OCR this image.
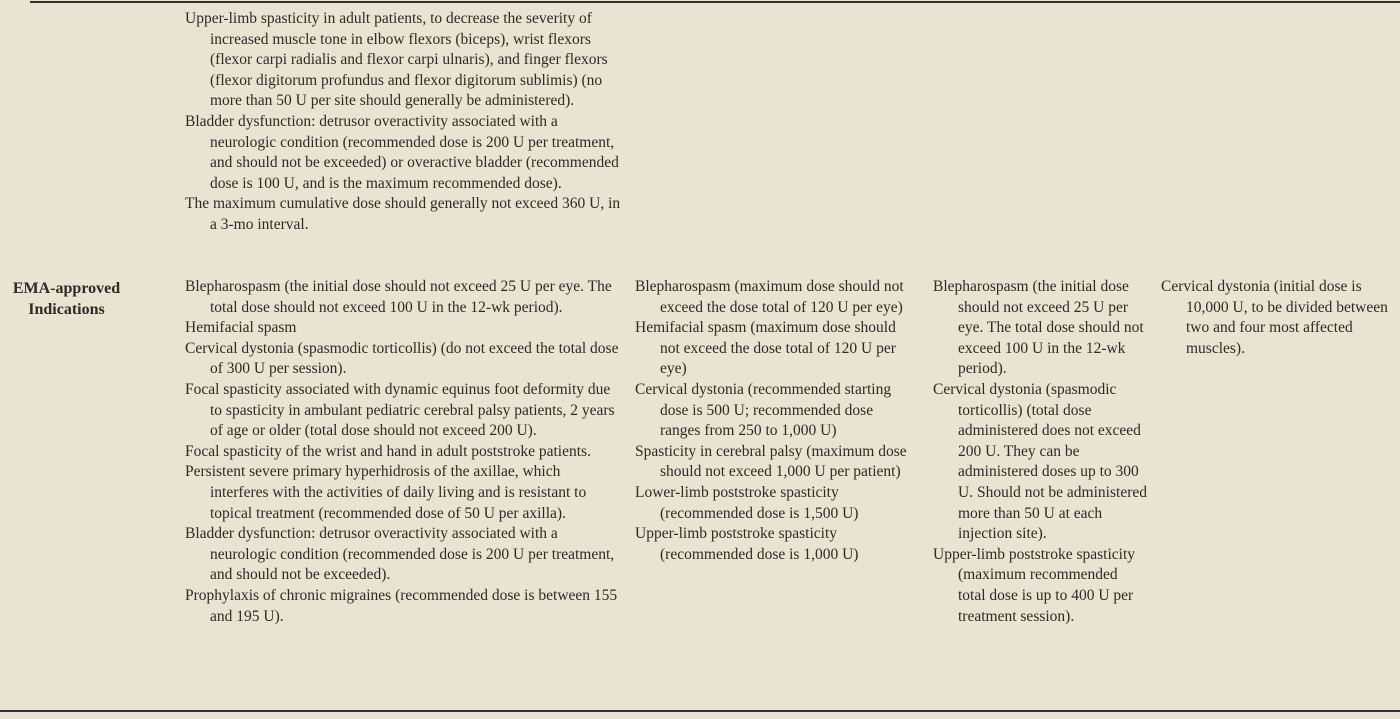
Upper-limb spasticity in adult patients, to decrease the severity of increased muscle tone in elbow flexors (biceps), wrist flexors (flexor carpi radialis and flexor carpi ulnaris), and finger flexors (flexor digitorum profundus and flexor digitorum sublimis) (no more than 50 U per site should generally be administered).

Bladder dysfunction: detrusor overactivity associated with a neurologic condition (recommended dose is 200 U per treatment, and should not be exceeded) or overactive bladder (recommended dose is 100 U, and is the maximum recommended dose).

The maximum cumulative dose should generally not exceed 360 U, in a 3-mo interval.

EMA-approved Indications

Blepharospasm (the initial dose should not exceed 25 U per eye. The total dose should not exceed 100 U in the 12-wk period).

Hemifacial spasm

Cervical dystonia (spasmodic torticollis) (do not exceed the total dose of 300 U per session).

Focal spasticity associated with dynamic equinus foot deformity due to spasticity in ambulant pediatric cerebral palsy patients, 2 years of age or older (total dose should not exceed 200 U).

Focal spasticity of the wrist and hand in adult poststroke patients.

Persistent severe primary hyperhidrosis of the axillae, which interferes with the activities of daily living and is resistant to topical treatment (recommended dose of 50 U per axilla).

Bladder dysfunction: detrusor overactivity associated with a neurologic condition (recommended dose is 200 U per treatment, and should not be exceeded).

Prophylaxis of chronic migraines (recommended dose is between 155 and 195 U).

Blepharospasm (maximum dose should not exceed the dose total of 120 U per eye)

Hemifacial spasm (maximum dose should not exceed the dose total of 120 U per eye)

Cervical dystonia (recommended starting dose is 500 U; recommended dose ranges from 250 to 1,000 U)

Spasticity in cerebral palsy (maximum dose should not exceed 1,000 U per patient)

Lower-limb poststroke spasticity (recommended dose is 1,500 U)

Upper-limb poststroke spasticity (recommended dose is 1,000 U)

Blepharospasm (the initial dose should not exceed 25 U per eye. The total dose should not exceed 100 U in the 12-wk period).

Cervical dystonia (spasmodic torticollis) (total dose administered does not exceed 200 U. They can be administered doses up to 300 U. Should not be administered more than 50 U at each injection site).

Upper-limb poststroke spasticity (maximum recommended total dose is up to 400 U per treatment session).

Cervical dystonia (initial dose is 10,000 U, to be divided between two and four most affected muscles).
